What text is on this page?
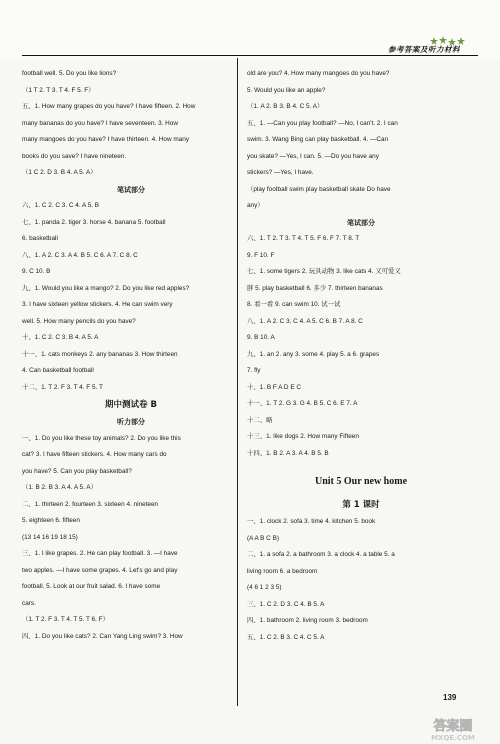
参考答案及听力材料
football well. 5. Do you like lions?
（1 T 2. T 3. T 4. F 5. F）
五、1. How many grapes do you have? I have fifteen. 2. How
many bananas do you have? I have seventeen. 3. How
many mangoes do you have? I have thirteen. 4. How many
books do you save? I have nineteen.
（1 C 2. D 3. B 4. A 5. A）
笔试部分
六、1. C 2. C 3. C 4. A 5. B
七、1. panda 2. tiger 3. horse 4. banana 5. football
6. basketball
八、1. A 2. C 3. A 4. B 5. C 6. A 7. C 8. C
9. C 10. B
九、1. Would you like a mango? 2. Do you like red apples?
3. I have sixteen yellow stickers. 4. He can swim very
well. 5. How many pencils do you have?
十、1. C 2. C 3. B 4. A 5. A
十一、1. cats monkeys 2. any bananas 3. How thirteen
4. Can basketball football
十二、1. T 2. F 3. T 4. F 5. T
期中测试卷 B
听力部分
一、1. Do you like these toy animals? 2. Do you like this
cat? 3. I have fifteen stickers. 4. How many cars do
you have? 5. Can you play basketball?
（1. B 2. B 3. A 4. A 5. A）
二、1. thirteen 2. fourteen 3. sixteen 4. nineteen
5. eighteen 6. fifteen
(13 14 16 19 18 15)
三、1. I like grapes. 2. He can play football. 3. —I have
two apples. —I have some grapes. 4. Let's go and play
football. 5. Look at our fruit salad. 6. I have some
cars.
（1. T 2. F 3. T 4. T 5. T 6. F）
四、1. Do you like cats? 2. Can Yang Ling swim? 3. How
old are you? 4. How many mangoes do you have?
5. Would you like an apple?
（1. A 2. B 3. B 4. C 5. A）
五、1. —Can you play football? —No, I can't. 2. I can
swim. 3. Wang Bing can play basketball. 4. —Can
you skate? —Yes, I can. 5. —Do you have any
stickers? —Yes, I have.
（play football swim play basketball skate Do have
any）
笔试部分
六、1. T 2. T 3. T 4. T 5. F 6. F 7. T 8. T
9. F 10. F
七、1. some tigers 2. 玩具动物 3. like cats 4. 又可爱又
胖 5. play basketball 6. 多少 7. thirteen bananas
8. 看一看 9. can swim 10. 试一试
八、1. A 2. C 3. C 4. A 5. C 6. B 7. A 8. C
9. B 10. A
九、1. an 2. any 3. some 4. play 5. a 6. grapes
7. fly
十、1. B F A D E C
十一、1. T 2. G 3. G 4. B 5. C 6. E 7. A
十二、略
十三、1. like dogs 2. How many Fifteen
十四、1. B 2. A 3. A 4. B 5. B
Unit 5 Our new home
第 1 课时
一、1. clock 2. sofa 3. time 4. kitchen 5. book
(A A B C B)
二、1. a sofa 2. a bathroom 3. a clock 4. a table 5. a
living room 6. a bedroom
(4 6 1 2 3 5)
三、1. C 2. D 3. C 4. B 5. A
四、1. bathroom 2. living room 3. bedroom
五、1. C 2. B 3. C 4. C 5. A
139
答案圈
MXQE.COM
